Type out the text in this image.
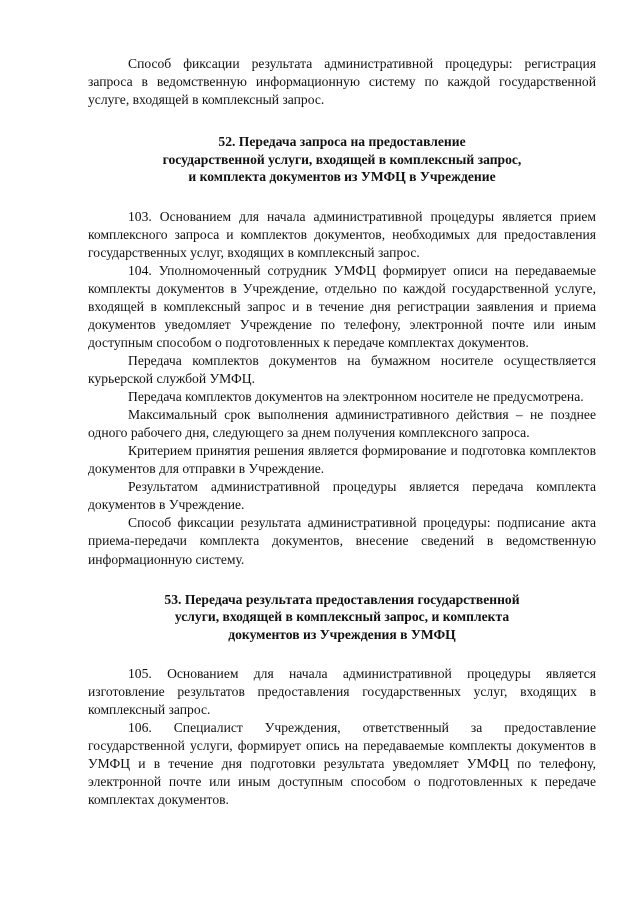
Способ фиксации результата административной процедуры: регистрация запроса в ведомственную информационную систему по каждой государственной услуге, входящей в комплексный запрос.

52. Передача запроса на предоставление
государственной услуги, входящей в комплексный запрос,
и комплекта документов из УМФЦ в Учреждение

103. Основанием для начала административной процедуры является прием комплексного запроса и комплектов документов, необходимых для предоставления государственных услуг, входящих в комплексный запрос.

104. Уполномоченный сотрудник УМФЦ формирует описи на передаваемые комплекты документов в Учреждение, отдельно по каждой государственной услуге, входящей в комплексный запрос и в течение дня регистрации заявления и приема документов уведомляет Учреждение по телефону, электронной почте или иным доступным способом о подготовленных к передаче комплектах документов.

Передача комплектов документов на бумажном носителе осуществляется курьерской службой УМФЦ.

Передача комплектов документов на электронном носителе не предусмотрена.

Максимальный срок выполнения административного действия – не позднее одного рабочего дня, следующего за днем получения комплексного запроса.

Критерием принятия решения является формирование и подготовка комплектов документов для отправки в Учреждение.

Результатом административной процедуры является передача комплекта документов в Учреждение.

Способ фиксации результата административной процедуры: подписание акта приема-передачи комплекта документов, внесение сведений в ведомственную информационную систему.

53. Передача результата предоставления государственной
услуги, входящей в комплексный запрос, и комплекта
документов из Учреждения в УМФЦ

105. Основанием для начала административной процедуры является изготовление результатов предоставления государственных услуг, входящих в комплексный запрос.

106. Специалист Учреждения, ответственный за предоставление государственной услуги, формирует опись на передаваемые комплекты документов в УМФЦ и в течение дня подготовки результата уведомляет УМФЦ по телефону, электронной почте или иным доступным способом о подготовленных к передаче комплектах документов.
